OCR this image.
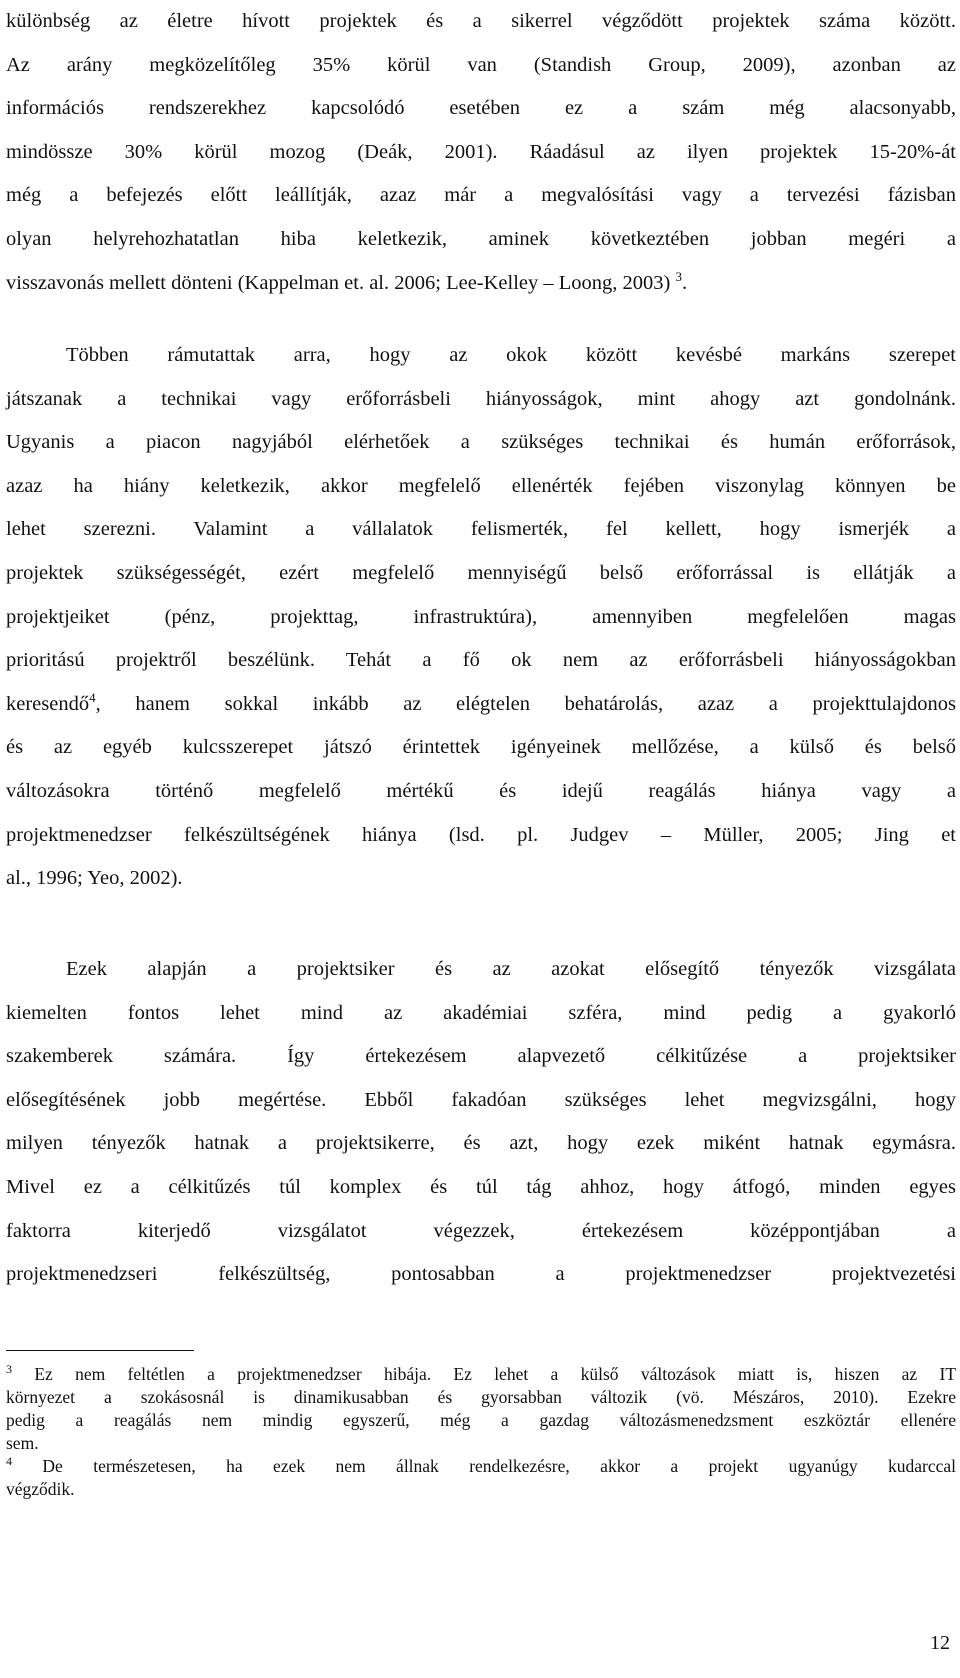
különbség az életre hívott projektek és a sikerrel végződött projektek száma között.
Az arány megközelítőleg 35% körül van (Standish Group, 2009), azonban az
információs rendszerekhez kapcsolódó esetében ez a szám még alacsonyabb,
mindössze 30% körül mozog (Deák, 2001). Ráadásul az ilyen projektek 15-20%-át
még a befejezés előtt leállítják, azaz már a megvalósítási vagy a tervezési fázisban
olyan helyrehozhatatlan hiba keletkezik, aminek következtében jobban megéri a
visszavonás mellett dönteni (Kappelman et. al. 2006; Lee-Kelley – Loong, 2003) $^3$.
Többen rámutattak arra, hogy az okok között kevésbé markáns szerepet
játszanak a technikai vagy erőforrásbeli hiányosságok, mint ahogy azt gondolnánk.
Ugyanis a piacon nagyjából elérhetőek a szükséges technikai és humán erőforrások,
azaz ha hiány keletkezik, akkor megfelelő ellenérték fejében viszonylag könnyen be
lehet szerezni. Valamint a vállalatok felismerték, fel kellett, hogy ismerjék a
projektek szükségességét, ezért megfelelő mennyiségű belső erőforrással is ellátják a
projektjeiket (pénz, projekttag, infrastruktúra), amennyiben megfelelően magas
prioritású projektről beszélünk. Tehát a fő ok nem az erőforrásbeli hiányosságokban
keresendő$^4$, hanem sokkal inkább az elégtelen behatárolás, azaz a projekttulajdonos
és az egyéb kulcsszerepet játszó érintettek igényeinek mellőzése, a külső és belső
változásokra történő megfelelő mértékű és idejű reagálás hiánya vagy a
projektmenedzser felkészültségének hiánya (lsd. pl. Judgev – Müller, 2005; Jing et
al., 1996; Yeo, 2002).
Ezek alapján a projektsiker és az azokat elősegítő tényezők vizsgálata
kiemelten fontos lehet mind az akadémiai szféra, mind pedig a gyakorló
szakemberek számára. Így értekezésem alapvezető célkitűzése a projektsiker
elősegítésének jobb megértése. Ebből fakadóan szükséges lehet megvizsgálni, hogy
milyen tényezők hatnak a projektsikerre, és azt, hogy ezek miként hatnak egymásra.
Mivel ez a célkitűzés túl komplex és túl tág ahhoz, hogy átfogó, minden egyes
faktorra kiterjedő vizsgálatot végezzek, értekezésem középpontjában a
projektmenedzseri felkészültség, pontosabban a projektmenedzser projektvezetési
$^3$ Ez nem feltétlen a projektmenedzser hibája. Ez lehet a külső változások miatt is, hiszen az IT
környezet a szokásosnál is dinamikusabban és gyorsabban változik (vö. Mészáros, 2010). Ezekre
pedig a reagálás nem mindig egyszerű, még a gazdag változásmenedzsment eszköztár ellenére
sem.
$^4$ De természetesen, ha ezek nem állnak rendelkezésre, akkor a projekt ugyanúgy kudarccal
végződik.
12
